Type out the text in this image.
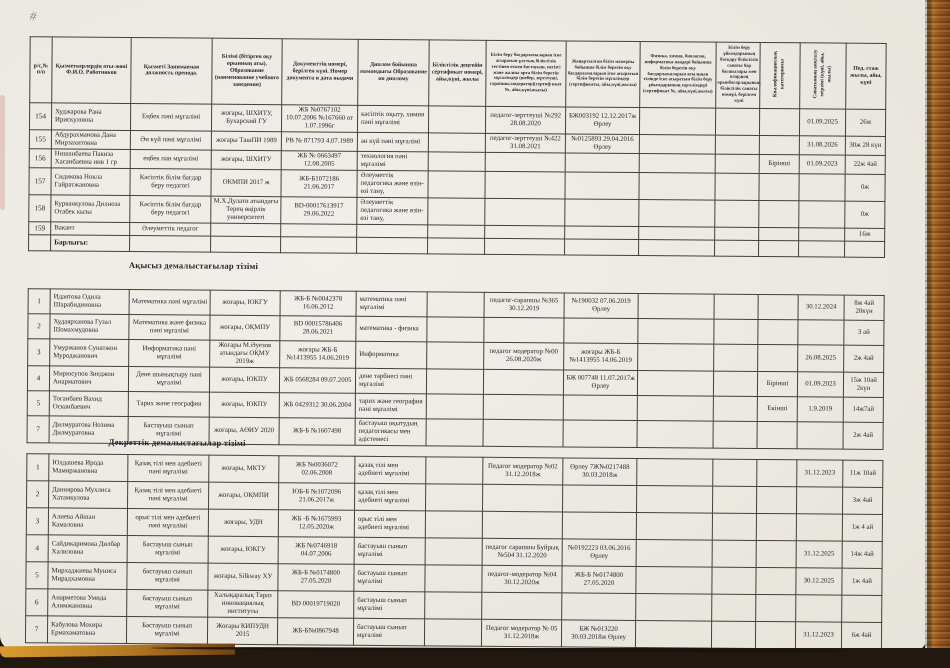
#
р/с,№ п/п	Қызметкерлердің аты-жөні Ф.И.О. Работников	Қызметі Занимаемая должность препода.	Білімі (бітірген оқу орынның аты). Образование (наименование учебного заведения)	Документтің номері, берілген күні. Номер документа и дата выдачи	Диплом бойынша мамандығы Образование по диплому	Біліктілік деңгейін сертификат номері, айы,күні, жылы	Білім беру бағдарламаларын іске асыратын ұлттық біліктілік тестінен өткен бастауыш, негізгі және жалпы орта білім беретін мұғалімдер (шебер, зерттеуші, сарапшы,модератор)(сертиф икат №, айы,күні,жылы)	Жаңартылған білім мазмұны бойынша білім беретін оқу бағдарламаларын іске асыратын білім беретін мұғалімдер (сертификаты, айы,күні,жылы)	Физика, химия, биология, информатика пәндері бойынша білім беретін оқу бағдарламаларын ағылшын тілінде іске асыратын білім беру ұйымдарының мұғалімдері (сертификат №, айы,күні,жылы)	Білім беру ұйымдарының басқару біліктілік санаты бар басшылары мен олардың орынбасарларының біліктілік санаты номері, берілген күні	Квалификациялық категориясы	Санатының аяқталу мерзімі (күні, айы, жылы)	Пед. стаж жылы, айы, күні
154	Худжарова Рана Ирискуловна	Еңбек пәні мұғалімі	жоғары, ШХИТУ, Бухарский ГУ	ЖБ №0767102 10.07.2006 №167660 от 1.07.1996г	кәсіптік оқыту, химия пәні мұғалімі		педагог-зерттеуші №292 28.08.2020	БЖ003192 12.12.2017ж Өрлеу				01.09.2025	26ж
155	Абдурахманова Дана Мирзахитовна	Ән күй пәні мұғалімі	жоғары ТашПИ 1989	РВ № 871793 4.07.1989	ән күй пәні мұғалімі		педагог-зерттеуші №422 31.08.2021	№0125893 29.04.2016 Өрлеу				31.08.2026	30ж 28 күн
156	Нишанбаева Пакиза Хасанбаевна инв 1 гр	еңбек пан мұғалімі	жоғары, ШХИТУ	ЖБ № 0663497 12.08.2005	технология пәні мұғалімі						Бірінші	01.09.2023	22ж 4ай
157	Сидикова Нокла Гайратжановна	Кәсіптік білім бағдар беру педагогі	ОКМПИ 2017 ж	ЖБ-Б1072186 21.06.2017	Әлеуметтік педагогика және өзін-өзі тану,								0ж
158	Курванкулова Дилноза Отабек кызы	Кәсіптік білім бағдар беру педагогі	М.Х.Дулати атындағы Терең өңірлік университеті	BD-00017613917 29.06.2022	Әлеуметтік педагогика және өзін-өзі тану,								0ж
159	Вакант	Әлеуметтік педагог											16ж
	Барлығы:												
Ақысыз демалыстағылар тізімі
1	Идаятова Одила Шарабидиновна	Математика пәні мұғалімі	жоғары, ЮКГУ	ЖБ-Б №0042378 16.06.2012	математика пәні мұғалімі		педагог-сарапшы №365 30.12.2019	№190032 07.06.2019 Өрлеу				30.12.2024	8ж 4ай 20күн
2	Худаярханова Гузал Шомахмудовна	Математика және физика пәні мұғалімі	жоғары, ОҚМПУ	BD 00015786406 28.06.2021	математика - физика								3 ай
3	Умуржанов Сунатжон Муроджанович	Информатика пәні мұғалімі	Жоғары М.Әуезов атындағы ОҚМУ 2019ж	жоғары ЖБ-Б №1413955 14.06.2019	Информатика		педагог модератор №00 26.08.2020ж	жоғары ЖБ-Б №1413955 14.06.2019				26.08.2025	2ж 4ай
4	Мирюсупов Зиеджон Анарматович	Дене шынықтыру пәні мұғалімі	жоғары, ЮКПУ	ЖБ 0568284 09.07.2005	дене тәрбиесі пәні мұғалімі			БЖ 007748 11.07.2017ж Өрлеу			Бірінші	01.09.2023	15ж 10ай 2күн
5	Тогаибаев Вахид Оскаибаевич	Тарих және география	жоғары, ЮКПУ	ЖБ 0429312 30.06.2004	тарих және география пәні мұғалімі						Екінші	1.9.2019	14ж7ай
7	Дилмуратова Нозима Дилмуратовна	Бастауыш сынып мұғалімі	жоғары, АӨИУ 2020	ЖБ-Б №1607498	бастауыш оқытудың педагогикасы мен әдістемесі								2ж 4ай
Декреттік демалыстағылар тізімі
1	Юлдашева Ирода Мамиржановна	Қазақ тілі мен әдебиеті пәні мұғалімі	жоғары, МКТУ	ЖБ №0036072 02.06.2008	қазақ тілі мен әдебиеті мұғалімі		Педагог модератор №02 31.12.2018ж	Өрлеу 7Ж№0217488 30.03.2018ж				31.12.2023	11ж 10ай
2	Даниярова Мухлиса Хатамкулова	Қазақ тілі мен әдебиеті пәні мұғалімі	жоғары, ОҚМПИ	ЮБ-Б №1072096 21.06.2017ж	қазақ тілі мен әдебиеті мұғалімі								3ж 4ай
3	Алиева Айшан Камаловна	орыс тілі мен әдебиеті пәні мұғалімі	жоғары, УДН	ЖБ -Б №1675993 12.05.2020ж	орыс тілі мен әдебиеті мұғалімі								1ж 4 ай
4	Сайдикаримова Дилбар Халиловна	Бастауыш сынып мұғалімі	жоғары, ЮКГУ	ЖБ №0746918 04.07.2006	бастауыш сынып мұғалімі		педагог сарапшы Буйрық №504 31.12.2020	№0192223 03.06.2016 Өрлеу				31.12.2025	14ж 4ай
5	Мирхаджиева Муниса Мирадхамовна	бастауыш сынып мұғалімі	жоғары, Silkway ХУ	ЖБ-Б №0174800 27.05.2020	бастауыш сынып мұғалімі		педагог-модератор №04 30.12.2020ж	ЖБ-Б №0174800 27.05.2020				30.12.2025	1ж 4ай
6	Анарметова Умида Алимжановна	бастауыш сынып мұғалімі	Халықаралық Тараз инновациялық институты	BD 00019719020	бастауыш сынып мұғалімі								
7	Кабулова Мохира Ермахаматовна	Бастауыш сынып мұғалімі	Жоғары КИПУДН 2015	ЖБ-Б№0867948	бастауыш сынып мұғалімі		Педагог модератор № 05 31.12.2018ж	БЖ №013220 30.03.2018ж Өрлеу				31.12.2023	6ж 4ай
